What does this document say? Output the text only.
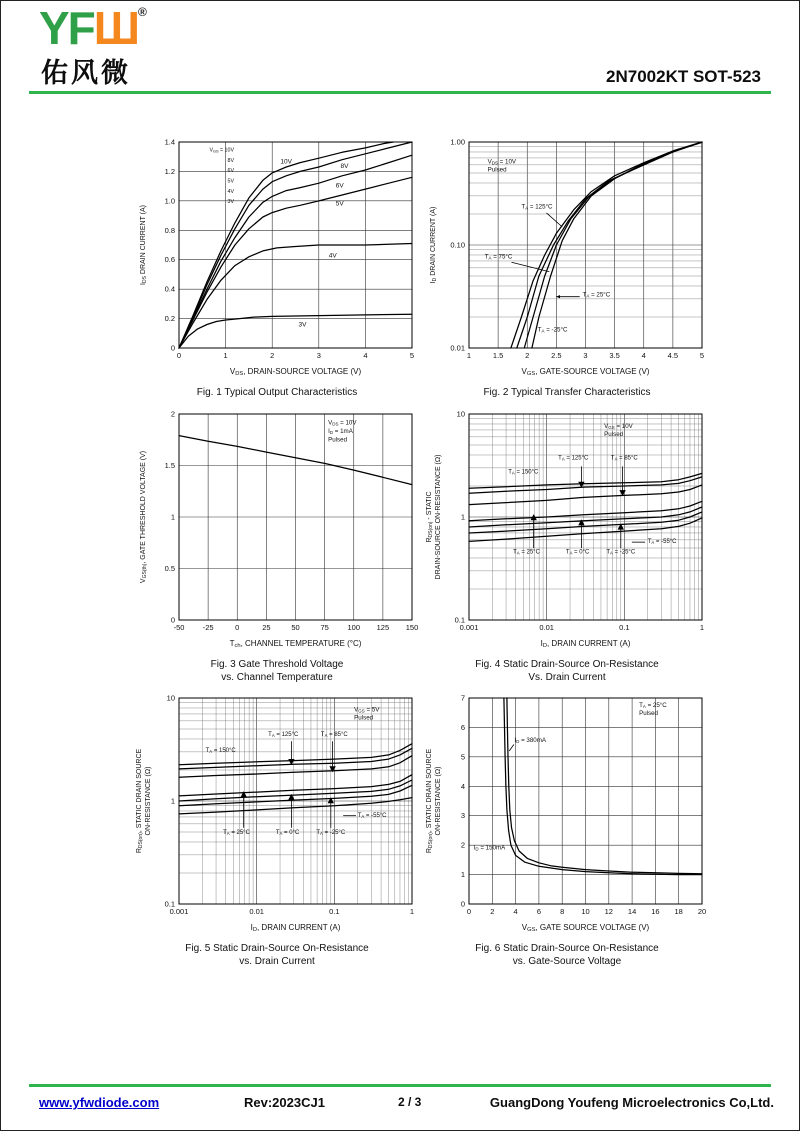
YFШ®
佑风微	2N7002KT SOT-523
VGS = 10V
8V
6V
5V
4V
3V
10V
8V
6V
5V
4V
3V
0	1	2	3	4	5
0
0.2
0.4
0.6
0.8
1.0
1.2
1.4
VDS, DRAIN-SOURCE VOLTAGE (V)
IDS DRAIN CURRENT (A)
Fig. 1 Typical Output Characteristics
VDS = 10V
Pulsed
TA = 125°C
TA = 75°C
TA = 25°C
TA = -25°C
1	1.5	2	2.5	3	3.5	4	4.5	5
0.01
0.10
1.00
VGS, GATE-SOURCE VOLTAGE (V)
ID DRAIN CURRENT (A)
Fig. 2 Typical Transfer Characteristics
VDS = 10V
ID = 1mA
Pulsed
-50 -25	0	25	50	75 100 125 150
0
0.5
1
1.5
2
Tch, CHANNEL TEMPERATURE (°C)
VGS(th), GATE THRESHOLD VOLTAGE (V)
Fig. 3 Gate Threshold Voltage
vs. Channel Temperature
VGS = 10V
Pulsed
TA = 125°C	TA = 85°C
TA = 150°C
TA = -55°C
TA = 25°C	TA = 0°C	TA = -25°C
0.001	0.01	0.1	1
0.1
1
10
ID, DRAIN CURRENT (A)
RDS(on) - STATIC DRAIN-SOURCE ON-RESISTANCE (Ω)
Fig. 4 Static Drain-Source On-Resistance
Vs. Drain Current
VGS = 5V
Pulsed
TA = 125°C	TA = 85°C
TA = 150°C
TA = -55°C
TA = 25°C	TA = 0°C	TA = -25°C
0.001	0.01	0.1	1
0.1
1
10
ID, DRAIN CURRENT (A)
RDS(on), STATIC DRAIN SOURCE ON-RESISTANCE (Ω)
Fig. 5 Static Drain-Source On-Resistance
vs. Drain Current
TA = 25°C
Pulsed
ID = 380mA
ID = 150mA
0	2	4	6	8 10 12 14 16 18 20
0
1
2
3
4
5
6
7
VGS, GATE SOURCE VOLTAGE (V)
RDS(on), STATIC DRAIN SOURCE ON-RESISTANCE (Ω)
Fig. 6 Static Drain-Source On-Resistance
vs. Gate-Source Voltage
www.yfwdiode.com	Rev:2023CJ1	2 / 3	GuangDong Youfeng Microelectronics Co,Ltd.
